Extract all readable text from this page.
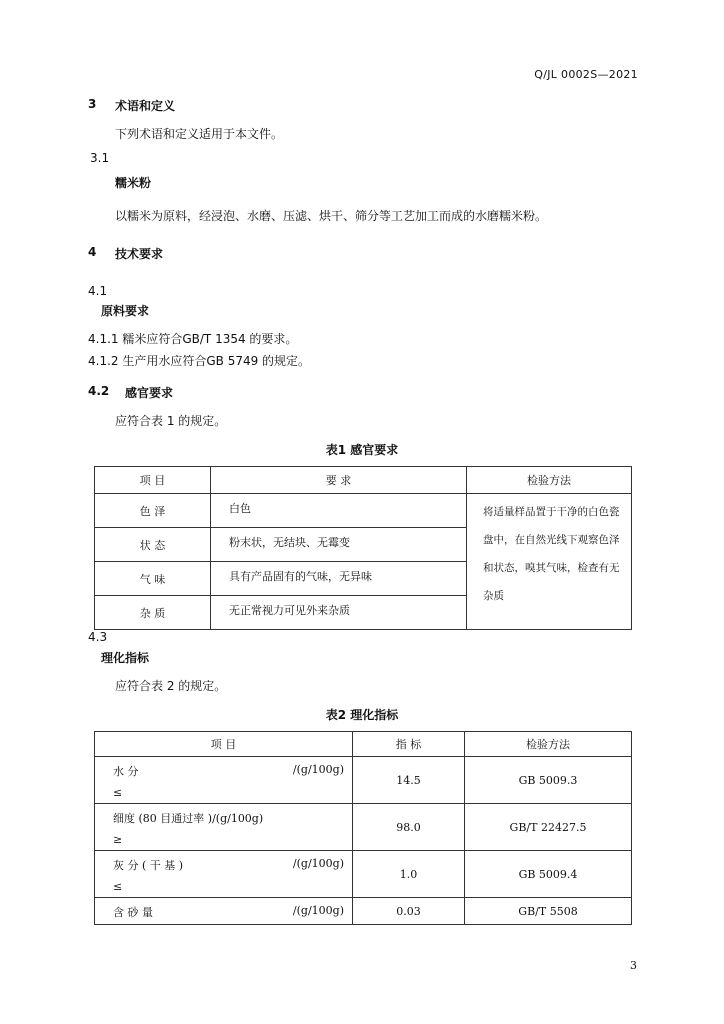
Q/JL 0002S—2021
3 术语和定义
下列术语和定义适用于本文件。
3.1
糯米粉
以糯米为原料，经浸泡、水磨、压滤、烘干、筛分等工艺加工而成的水磨糯米粉。
4 技术要求
4.1
原料要求
4.1.1 糯米应符合GB/T 1354 的要求。
4.1.2 生产用水应符合GB 5749 的规定。
4.2 感官要求
应符合表 1 的规定。
表1 感官要求
项 目	要 求	检验方法
色 泽	白色	将适量样品置于干净的白色瓷盘中，在自然光线下观察色泽和状态，嗅其气味，检查有无杂质
状 态	粉末状，无结块、无霉变	
气 味	具有产品固有的气味，无异味	
杂 质	无正常视力可见外来杂质	
4.3
理化指标
应符合表 2 的规定。
表2 理化指标
项 目	指 标	检验方法

水 分 /(g/100g)
≤	14.5	GB 5009.3

细度 (80 目通过率 )/(g/100g)
≥	98.0	GB/T 22427.5

灰 分 ( 干 基 ) /(g/100g)
≤	1.0	GB 5009.4

含 砂 量 /(g/100g)	0.03	GB/T 5508
3
